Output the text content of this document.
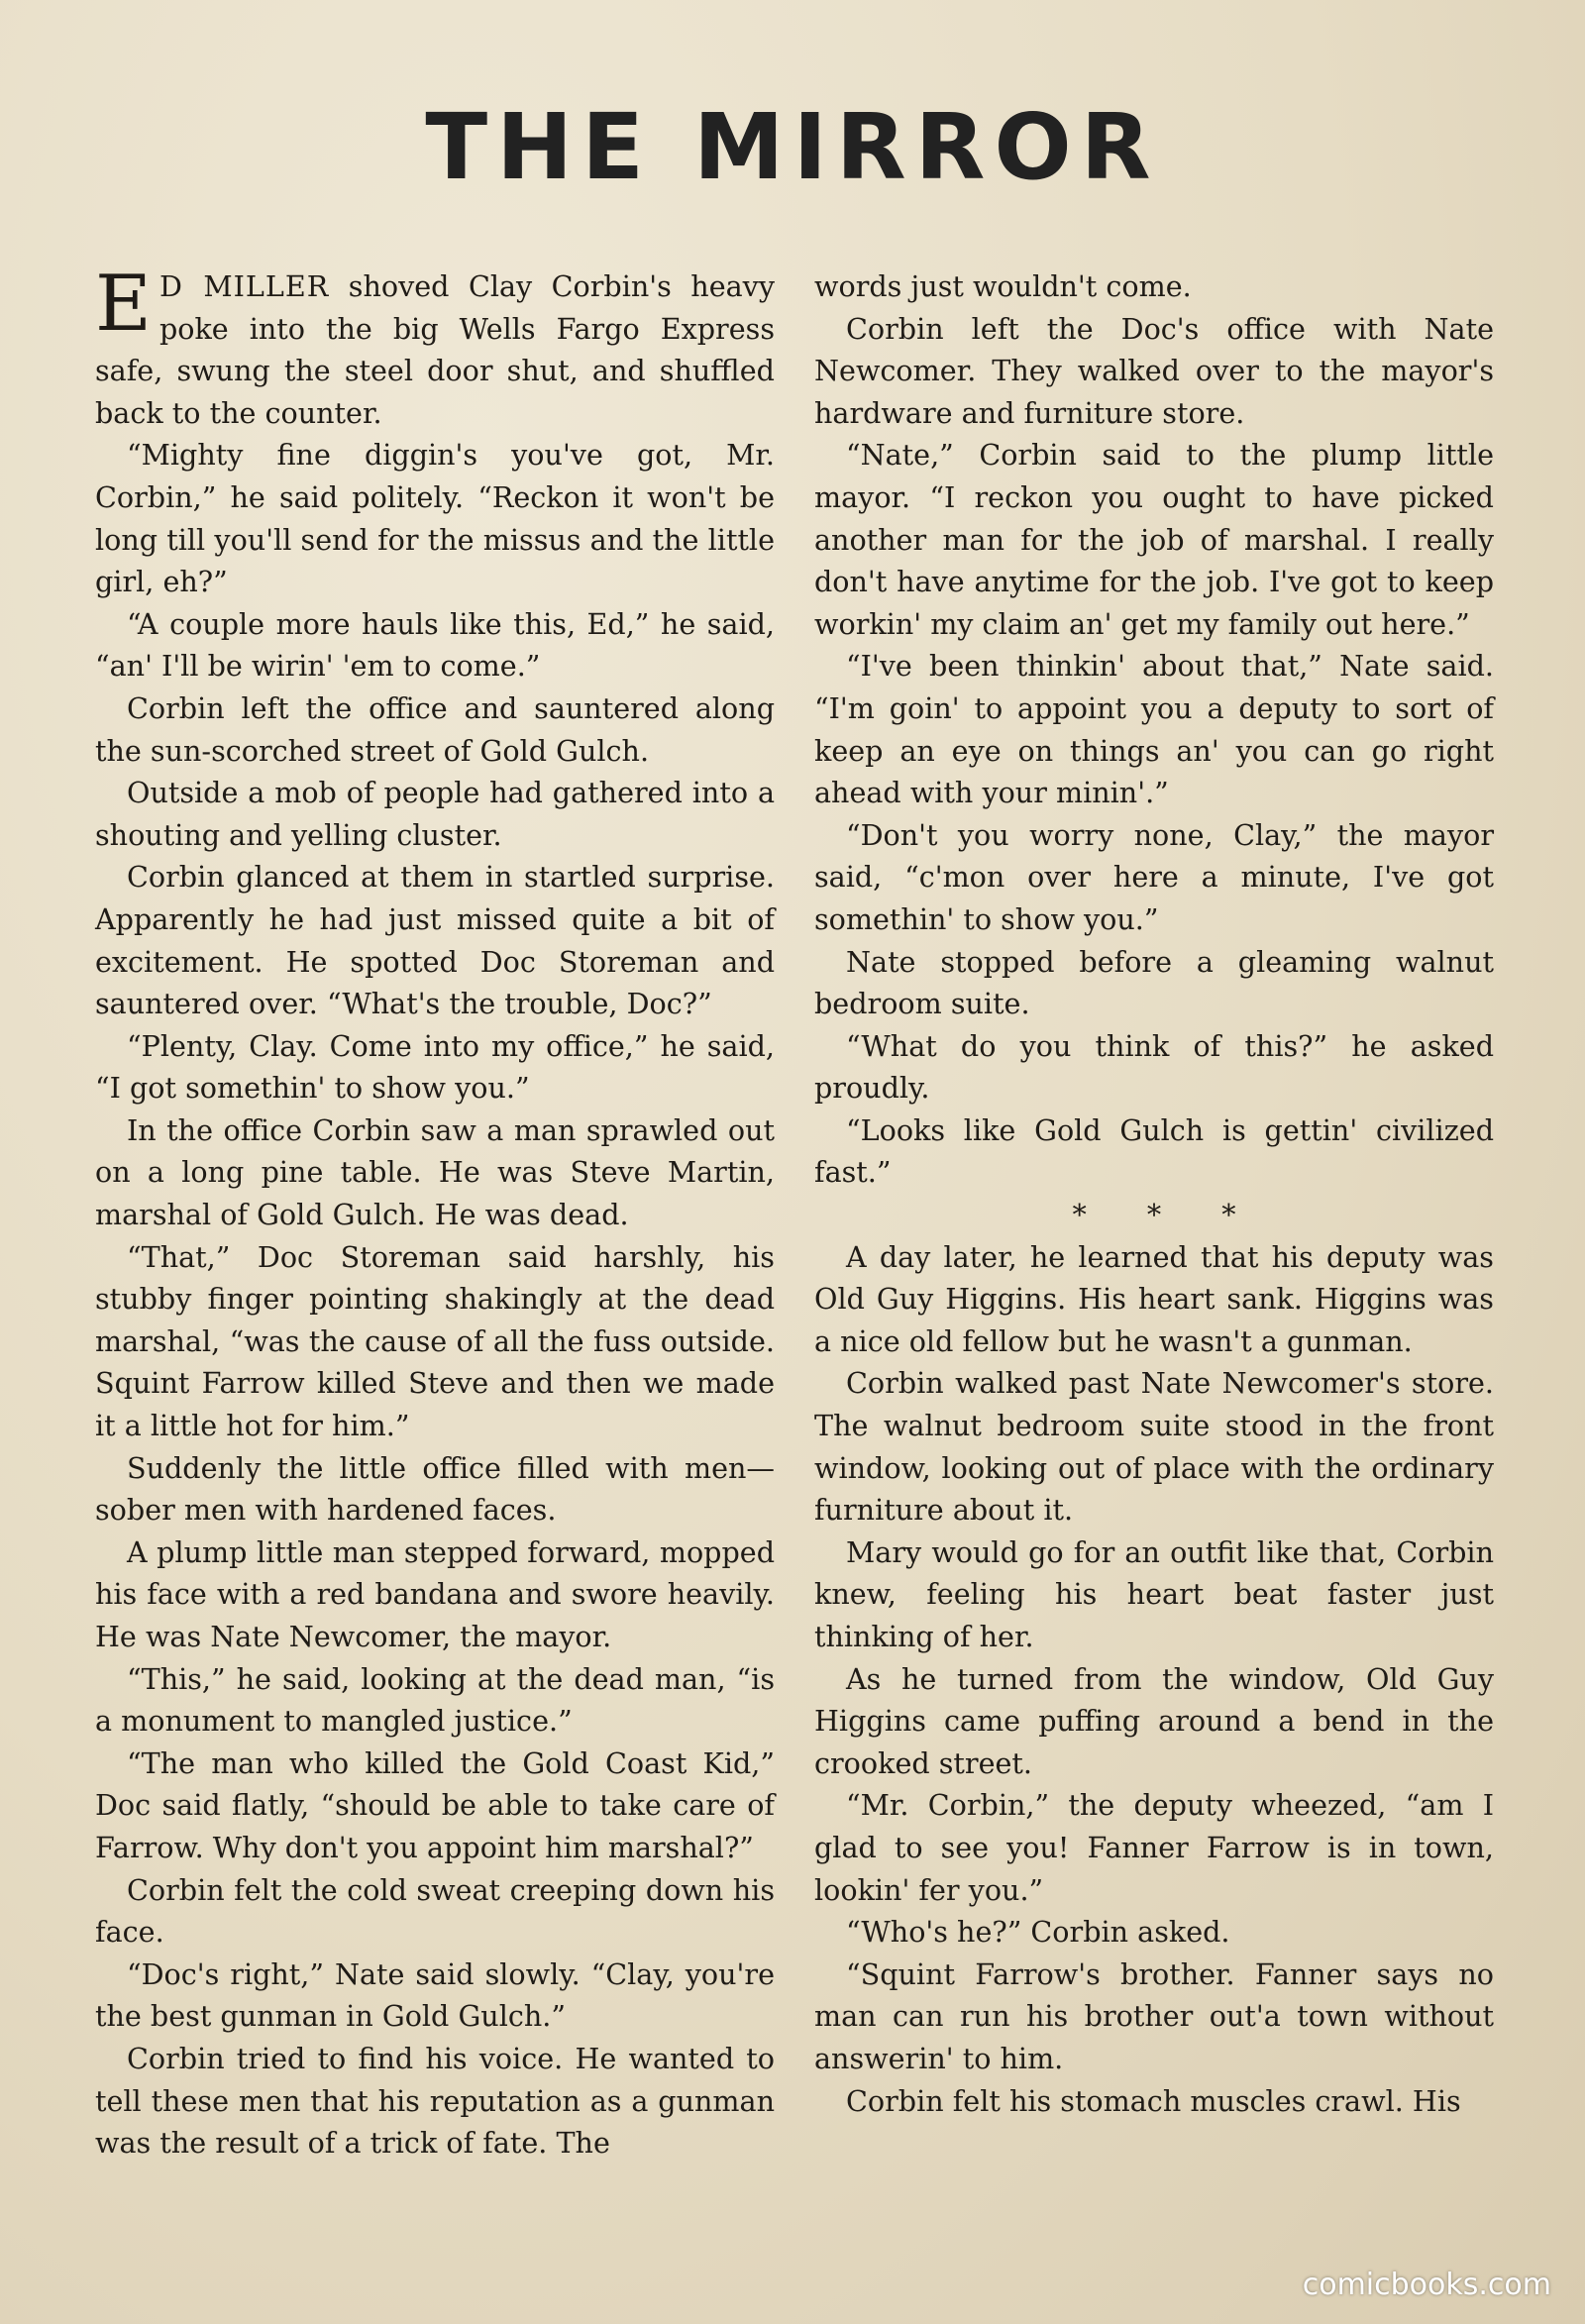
THE MIRROR

E D MILLER shoved Clay Corbin's heavy poke into the big Wells Fargo Express safe, swung the steel door shut, and shuffled back to the counter.

“Mighty fine diggin's you've got, Mr. Corbin,” he said politely. “Reckon it won't be long till you'll send for the missus and the little girl, eh?”

“A couple more hauls like this, Ed,” he said, “an' I'll be wirin' 'em to come.”

Corbin left the office and sauntered along the sun-scorched street of Gold Gulch.

Outside a mob of people had gathered into a shouting and yelling cluster.

Corbin glanced at them in startled surprise. Apparently he had just missed quite a bit of excitement. He spotted Doc Storeman and sauntered over. “What's the trouble, Doc?”

“Plenty, Clay. Come into my office,” he said, “I got somethin' to show you.”

In the office Corbin saw a man sprawled out on a long pine table. He was Steve Martin, marshal of Gold Gulch. He was dead.

“That,” Doc Storeman said harshly, his stubby finger pointing shakingly at the dead marshal, “was the cause of all the fuss outside. Squint Farrow killed Steve and then we made it a little hot for him.”

Suddenly the little office filled with men—sober men with hardened faces.

A plump little man stepped forward, mopped his face with a red bandana and swore heavily. He was Nate Newcomer, the mayor.

“This,” he said, looking at the dead man, “is a monument to mangled justice.”

“The man who killed the Gold Coast Kid,” Doc said flatly, “should be able to take care of Farrow. Why don't you appoint him marshal?”

Corbin felt the cold sweat creeping down his face.

“Doc's right,” Nate said slowly. “Clay, you're the best gunman in Gold Gulch.”

Corbin tried to find his voice. He wanted to tell these men that his reputation as a gunman was the result of a trick of fate. The

words just wouldn't come.

Corbin left the Doc's office with Nate Newcomer. They walked over to the mayor's hardware and furniture store.

“Nate,” Corbin said to the plump little mayor. “I reckon you ought to have picked another man for the job of marshal. I really don't have anytime for the job. I've got to keep workin' my claim an' get my family out here.”

“I've been thinkin' about that,” Nate said. “I'm goin' to appoint you a deputy to sort of keep an eye on things an' you can go right ahead with your minin'.”

“Don't you worry none, Clay,” the mayor said, “c'mon over here a minute, I've got somethin' to show you.”

Nate stopped before a gleaming walnut bedroom suite.

“What do you think of this?” he asked proudly.

“Looks like Gold Gulch is gettin' civilized fast.”

* * *

A day later, he learned that his deputy was Old Guy Higgins. His heart sank. Higgins was a nice old fellow but he wasn't a gunman.

Corbin walked past Nate Newcomer's store. The walnut bedroom suite stood in the front window, looking out of place with the ordinary furniture about it.

Mary would go for an outfit like that, Corbin knew, feeling his heart beat faster just thinking of her.

As he turned from the window, Old Guy Higgins came puffing around a bend in the crooked street.

“Mr. Corbin,” the deputy wheezed, “am I glad to see you! Fanner Farrow is in town, lookin' fer you.”

“Who's he?” Corbin asked.

“Squint Farrow's brother. Fanner says no man can run his brother out'a town without answerin' to him.

Corbin felt his stomach muscles crawl. His

comicbooks.com
